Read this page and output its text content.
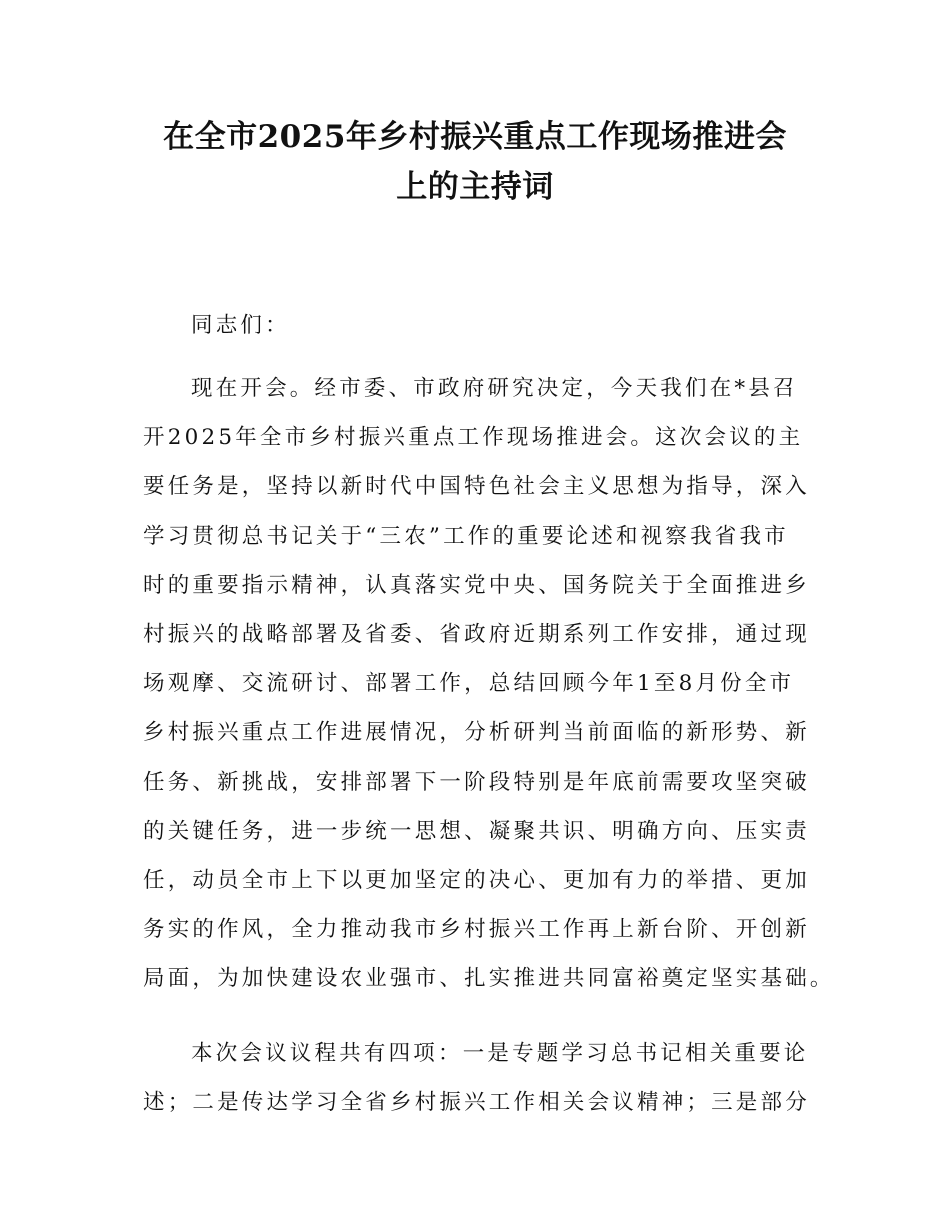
在全市2025年乡村振兴重点工作现场推进会
上的主持词
同志们：
现在开会。经市委、市政府研究决定，今天我们在*县召
开2025年全市乡村振兴重点工作现场推进会。这次会议的主
要任务是，坚持以新时代中国特色社会主义思想为指导，深入
学习贯彻总书记关于“三农”工作的重要论述和视察我省我市
时的重要指示精神，认真落实党中央、国务院关于全面推进乡
村振兴的战略部署及省委、省政府近期系列工作安排，通过现
场观摩、交流研讨、部署工作，总结回顾今年1至8月份全市
乡村振兴重点工作进展情况，分析研判当前面临的新形势、新
任务、新挑战，安排部署下一阶段特别是年底前需要攻坚突破
的关键任务，进一步统一思想、凝聚共识、明确方向、压实责
任，动员全市上下以更加坚定的决心、更加有力的举措、更加
务实的作风，全力推动我市乡村振兴工作再上新台阶、开创新
局面，为加快建设农业强市、扎实推进共同富裕奠定坚实基础。
本次会议议程共有四项：一是专题学习总书记相关重要论
述；二是传达学习全省乡村振兴工作相关会议精神；三是部分
